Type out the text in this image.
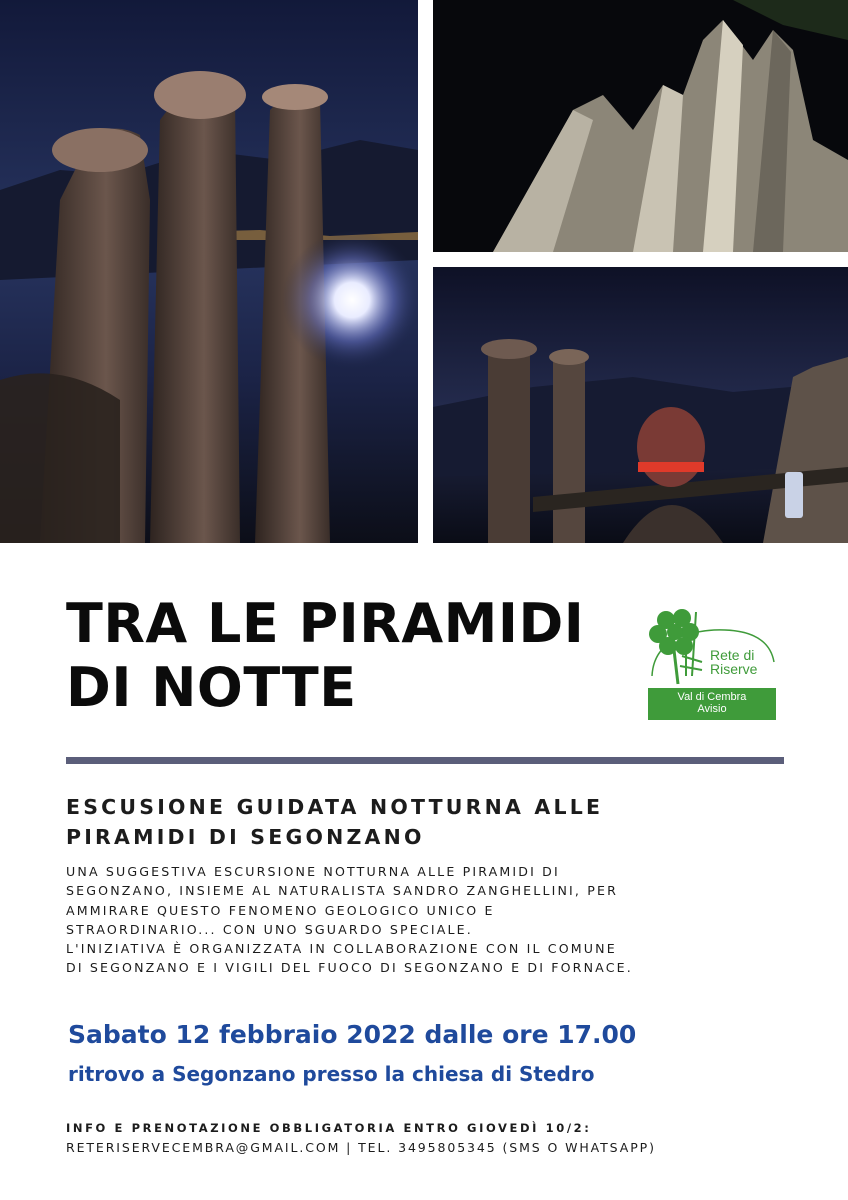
TRA LE PIRAMIDI
DI NOTTE
Rete di
Riserve
Val di Cembra
Avisio
ESCUSIONE GUIDATA NOTTURNA ALLE
PIRAMIDI DI SEGONZANO
UNA SUGGESTIVA ESCURSIONE NOTTURNA ALLE PIRAMIDI DI
SEGONZANO, INSIEME AL NATURALISTA SANDRO ZANGHELLINI, PER
AMMIRARE QUESTO FENOMENO GEOLOGICO UNICO E
STRAORDINARIO... CON UNO SGUARDO SPECIALE.
L'INIZIATIVA È ORGANIZZATA IN COLLABORAZIONE CON IL COMUNE
DI SEGONZANO E I VIGILI DEL FUOCO DI SEGONZANO E DI FORNACE.
Sabato 12 febbraio 2022 dalle ore 17.00
ritrovo a Segonzano presso la chiesa di Stedro
INFO E PRENOTAZIONE OBBLIGATORIA ENTRO GIOVEDÌ 10/2:
RETERISERVECEMBRA@GMAIL.COM | TEL. 3495805345 (SMS O WHATSAPP)
